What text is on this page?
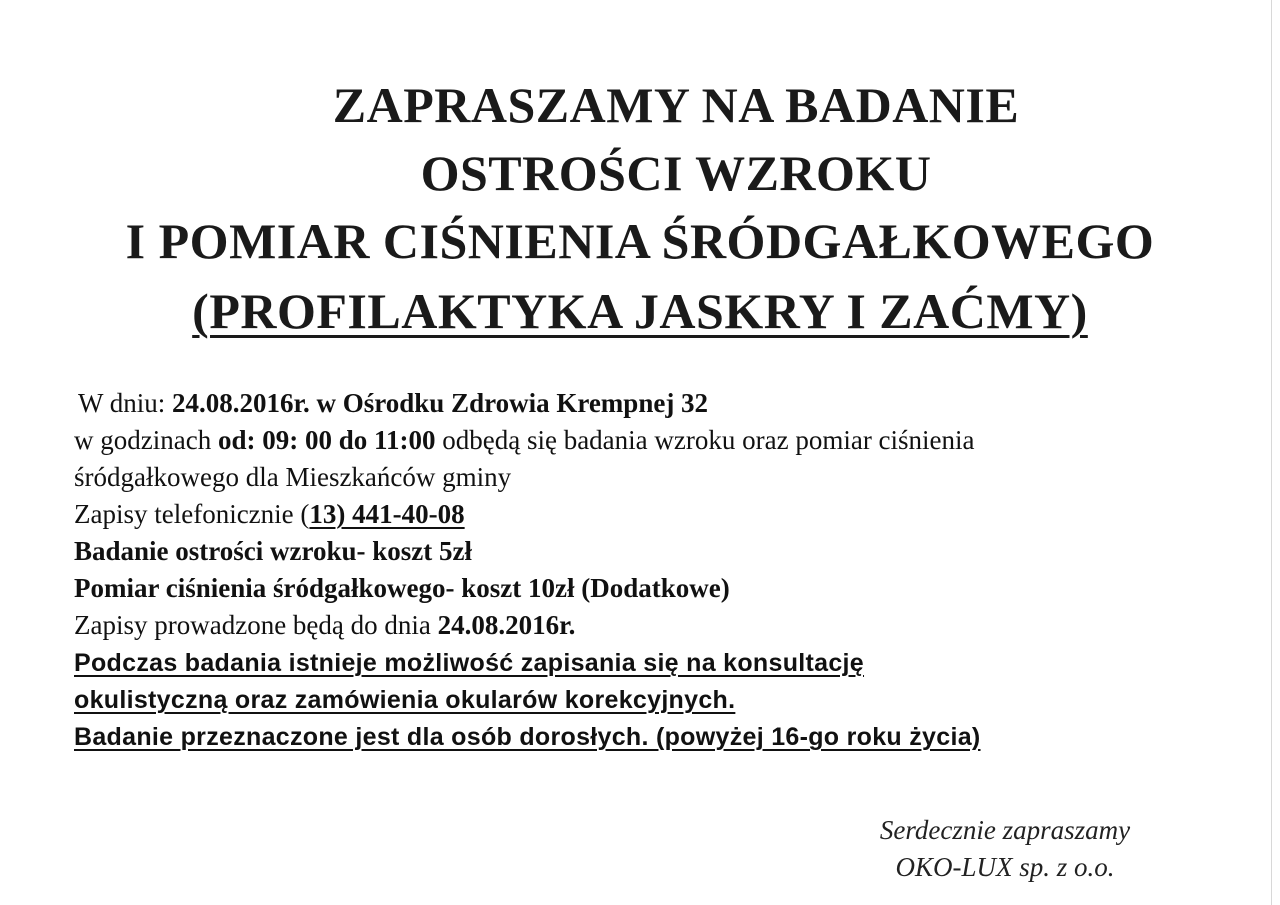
ZAPRASZAMY NA BADANIE
OSTROŚCI WZROKU
I POMIAR CIŚNIENIA ŚRÓDGAŁKOWEGO
(PROFILAKTYKA JASKRY I ZAĆMY)
W dniu: 24.08.2016r. w Ośrodku Zdrowia Krempnej 32
w godzinach od: 09: 00 do 11:00 odbędą się badania wzroku oraz pomiar ciśnienia
śródgałkowego dla Mieszkańców gminy
Zapisy telefonicznie (13) 441-40-08
Badanie ostrości wzroku- koszt 5zł
Pomiar ciśnienia śródgałkowego- koszt 10zł (Dodatkowe)
Zapisy prowadzone będą do dnia 24.08.2016r.
Podczas badania istnieje możliwość zapisania się na konsultację
okulistyczną oraz zamówienia okularów korekcyjnych.
Badanie przeznaczone jest dla osób dorosłych. (powyżej 16-go roku życia)
Serdecznie zapraszamy
OKO-LUX sp. z o.o.
